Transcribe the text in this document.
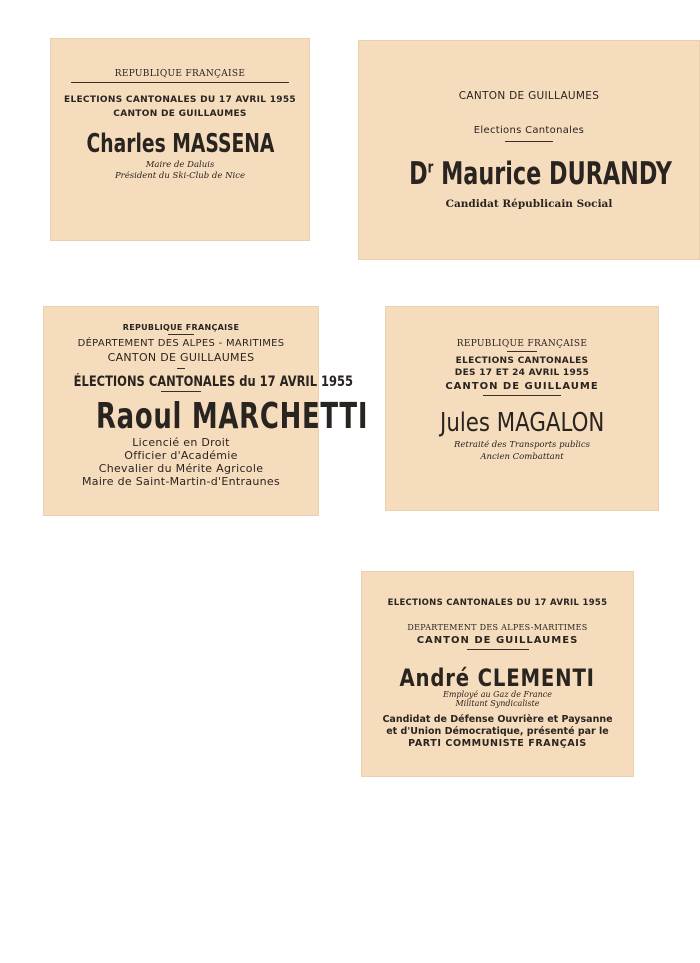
REPUBLIQUE FRANÇAISE
ELECTIONS CANTONALES DU 17 AVRIL 1955
CANTON DE GUILLAUMES
Charles MASSENA
Maire de Daluis
Président du Ski-Club de Nice
CANTON DE GUILLAUMES
Elections Cantonales
$D^r$ Maurice DURANDY
Candidat Républicain Social
REPUBLIQUE FRANÇAISE
DÉPARTEMENT DES ALPES - MARITIMES
CANTON DE GUILLAUMES
ÉLECTIONS CANTONALES du 17 AVRIL 1955
Raoul MARCHETTI
Licencié en Droit
Officier d'Académie
Chevalier du Mérite Agricole
Maire de Saint-Martin-d'Entraunes
REPUBLIQUE FRANÇAISE
ELECTIONS CANTONALES
DES 17 ET 24 AVRIL 1955
CANTON DE GUILLAUME
Jules MAGALON
Retraité des Transports publics
Ancien Combattant
ELECTIONS CANTONALES DU 17 AVRIL 1955
DEPARTEMENT DES ALPES-MARITIMES
CANTON DE GUILLAUMES
André CLEMENTI
Employé au Gaz de France
Militant Syndicaliste
Candidat de Défense Ouvrière et Paysanne
et d'Union Démocratique, présenté par le
PARTI COMMUNISTE FRANÇAIS
